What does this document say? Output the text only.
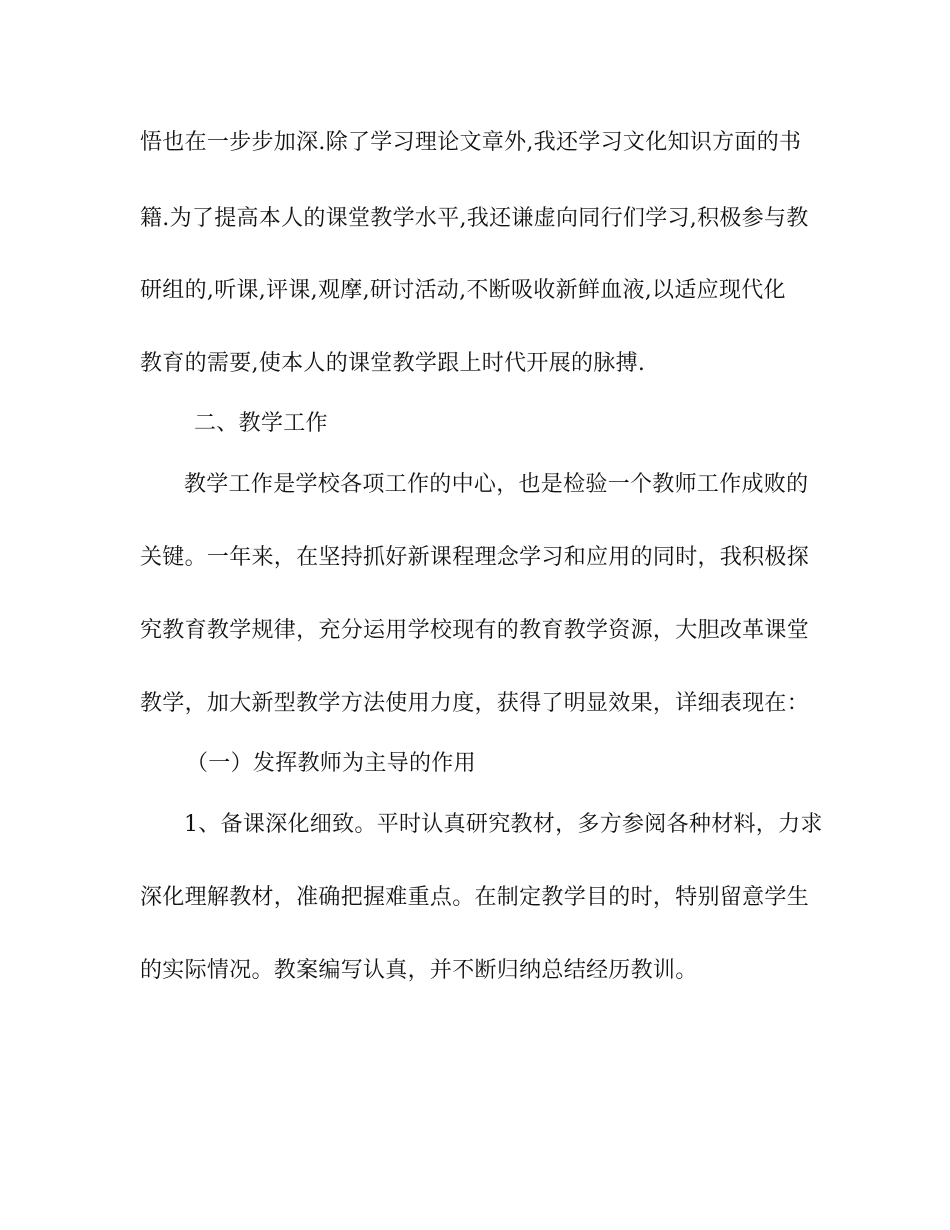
悟也在一步步加深.除了学习理论文章外,我还学习文化知识方面的书
籍.为了提高本人的课堂教学水平,我还谦虚向同行们学习,积极参与教
研组的,听课,评课,观摩,研讨活动,不断吸收新鲜血液,以适应现代化
教育的需要,使本人的课堂教学跟上时代开展的脉搏.
二、教学工作
教学工作是学校各项工作的中心，也是检验一个教师工作成败的
关键。一年来，在坚持抓好新课程理念学习和应用的同时，我积极探
究教育教学规律，充分运用学校现有的教育教学资源，大胆改革课堂
教学，加大新型教学方法使用力度，获得了明显效果，详细表现在：
（一）发挥教师为主导的作用
1、备课深化细致。平时认真研究教材，多方参阅各种材料，力求
深化理解教材，准确把握难重点。在制定教学目的时，特别留意学生
的实际情况。教案编写认真，并不断归纳总结经历教训。
